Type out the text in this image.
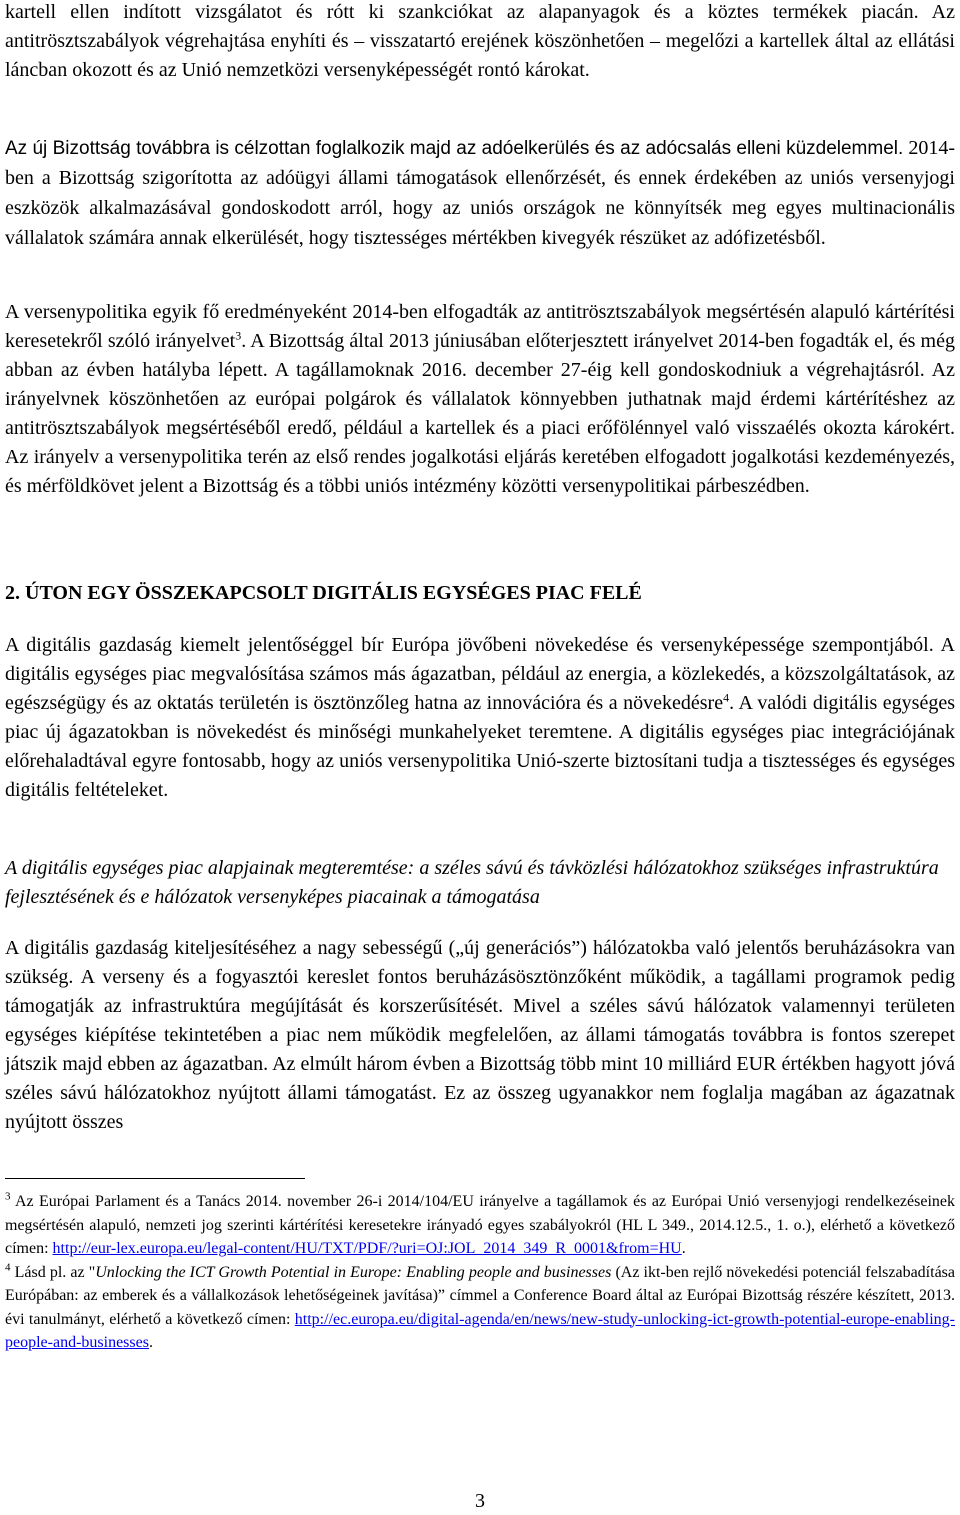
kartell ellen indított vizsgálatot és rótt ki szankciókat az alapanyagok és a köztes termékek piacán. Az antitrösztszabályok végrehajtása enyhíti és – visszatartó erejének köszönhetően – megelőzi a kartellek által az ellátási láncban okozott és az Unió nemzetközi versenyképességét rontó károkat.

Az új Bizottság továbbra is célzottan foglalkozik majd az adóelkerülés és az adócsalás elleni küzdelemmel. 2014-ben a Bizottság szigorította az adóügyi állami támogatások ellenőrzését, és ennek érdekében az uniós versenyjogi eszközök alkalmazásával gondoskodott arról, hogy az uniós országok ne könnyítsék meg egyes multinacionális vállalatok számára annak elkerülését, hogy tisztességes mértékben kivegyék részüket az adófizetésből.

A versenypolitika egyik fő eredményeként 2014-ben elfogadták az antitrösztszabályok megsértésén alapuló kártérítési keresetekről szóló irányelvet$^3$. A Bizottság által 2013 júniusában előterjesztett irányelvet 2014-ben fogadták el, és még abban az évben hatályba lépett. A tagállamoknak 2016. december 27-éig kell gondoskodniuk a végrehajtásról. Az irányelvnek köszönhetően az európai polgárok és vállalatok könnyebben juthatnak majd érdemi kártérítéshez az antitrösztszabályok megsértéséből eredő, például a kartellek és a piaci erőfölénnyel való visszaélés okozta károkért. Az irányelv a versenypolitika terén az első rendes jogalkotási eljárás keretében elfogadott jogalkotási kezdeményezés, és mérföldkövet jelent a Bizottság és a többi uniós intézmény közötti versenypolitikai párbeszédben.

2. ÚTON EGY ÖSSZEKAPCSOLT DIGITÁLIS EGYSÉGES PIAC FELÉ

A digitális gazdaság kiemelt jelentőséggel bír Európa jövőbeni növekedése és versenyképessége szempontjából. A digitális egységes piac megvalósítása számos más ágazatban, például az energia, a közlekedés, a közszolgáltatások, az egészségügy és az oktatás területén is ösztönzőleg hatna az innovációra és a növekedésre$^4$. A valódi digitális egységes piac új ágazatokban is növekedést és minőségi munkahelyeket teremtene. A digitális egységes piac integrációjának előrehaladtával egyre fontosabb, hogy az uniós versenypolitika Unió-szerte biztosítani tudja a tisztességes és egységes digitális feltételeket.

A digitális egységes piac alapjainak megteremtése: a széles sávú és távközlési hálózatokhoz szükséges infrastruktúra fejlesztésének és e hálózatok versenyképes piacainak a támogatása

A digitális gazdaság kiteljesítéséhez a nagy sebességű („új generációs”) hálózatokba való jelentős beruházásokra van szükség. A verseny és a fogyasztói kereslet fontos beruházásösztönzőként működik, a tagállami programok pedig támogatják az infrastruktúra megújítását és korszerűsítését. Mivel a széles sávú hálózatok valamennyi területen egységes kiépítése tekintetében a piac nem működik megfelelően, az állami támogatás továbbra is fontos szerepet játszik majd ebben az ágazatban. Az elmúlt három évben a Bizottság több mint 10 milliárd EUR értékben hagyott jóvá széles sávú hálózatokhoz nyújtott állami támogatást. Ez az összeg ugyanakkor nem foglalja magában az ágazatnak nyújtott összes

$^3$ Az Európai Parlament és a Tanács 2014. november 26-i 2014/104/EU irányelve a tagállamok és az Európai Unió versenyjogi rendelkezéseinek megsértésén alapuló, nemzeti jog szerinti kártérítési keresetekre irányadó egyes szabályokról (HL L 349., 2014.12.5., 1. o.), elérhető a következő címen: http://eur-lex.europa.eu/legal-content/HU/TXT/PDF/?uri=OJ:JOL_2014_349_R_0001&from=HU.

$^4$ Lásd pl. az "Unlocking the ICT Growth Potential in Europe: Enabling people and businesses (Az ikt-ben rejlő növekedési potenciál felszabadítása Európában: az emberek és a vállalkozások lehetőségeinek javítása)” címmel a Conference Board által az Európai Bizottság részére készített, 2013. évi tanulmányt, elérhető a következő címen: http://ec.europa.eu/digital-agenda/en/news/new-study-unlocking-ict-growth-potential-europe-enabling-people-and-businesses.

3
